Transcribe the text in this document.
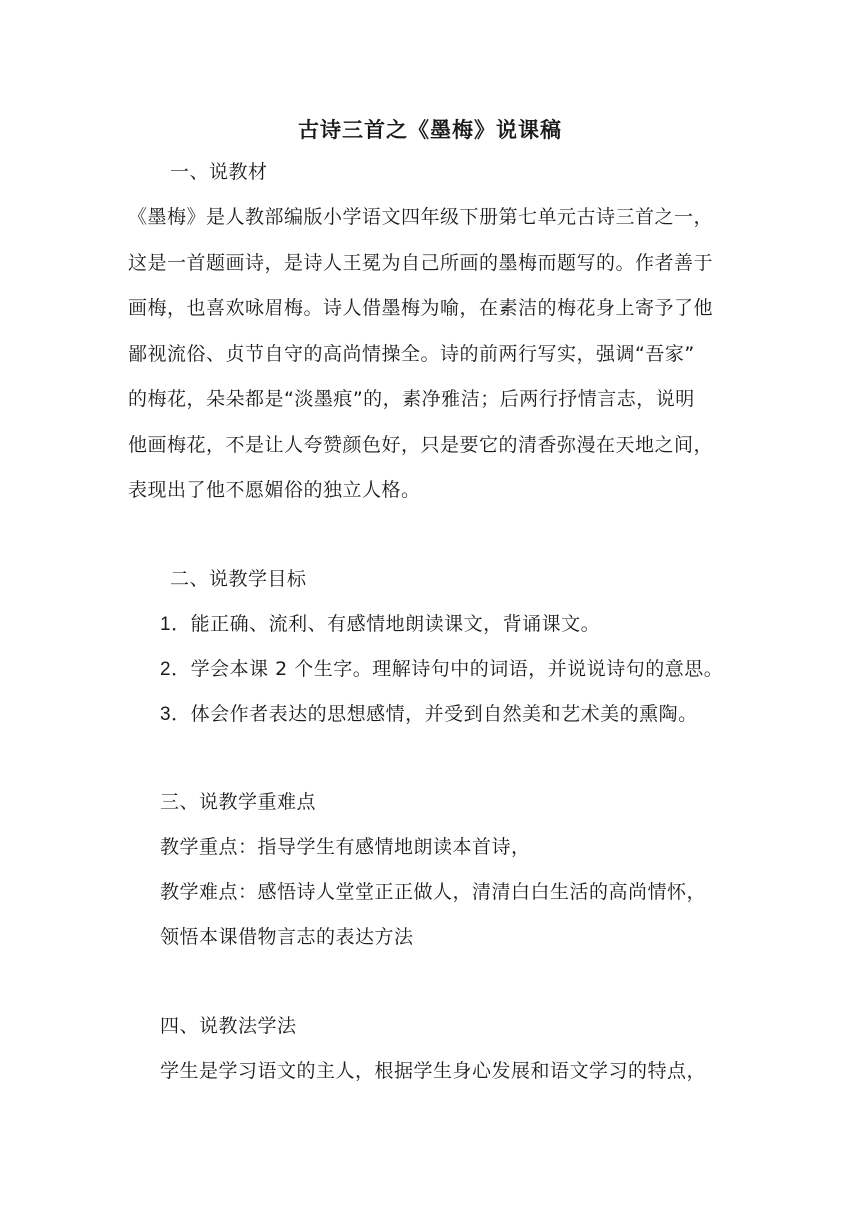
古诗三首之《墨梅》说课稿
一、说教材
《墨梅》是人教部编版小学语文四年级下册第七单元古诗三首之一，
这是一首题画诗，是诗人王冕为自己所画的墨梅而题写的。作者善于
画梅，也喜欢咏眉梅。诗人借墨梅为喻，在素洁的梅花身上寄予了他
鄙视流俗、贞节自守的高尚情操全。诗的前两行写实，强调“吾家”
的梅花，朵朵都是“淡墨痕”的，素净雅洁；后两行抒情言志，说明
他画梅花，不是让人夸赞颜色好，只是要它的清香弥漫在天地之间，
表现出了他不愿媚俗的独立人格。
二、说教学目标
1．能正确、流利、有感情地朗读课文，背诵课文。
2．学会本课 2 个生字。理解诗句中的词语，并说说诗句的意思。
3．体会作者表达的思想感情，并受到自然美和艺术美的熏陶。
三、说教学重难点
教学重点：指导学生有感情地朗读本首诗，
教学难点：感悟诗人堂堂正正做人，清清白白生活的高尚情怀，
领悟本课借物言志的表达方法
四、说教法学法
学生是学习语文的主人，根据学生身心发展和语文学习的特点，
